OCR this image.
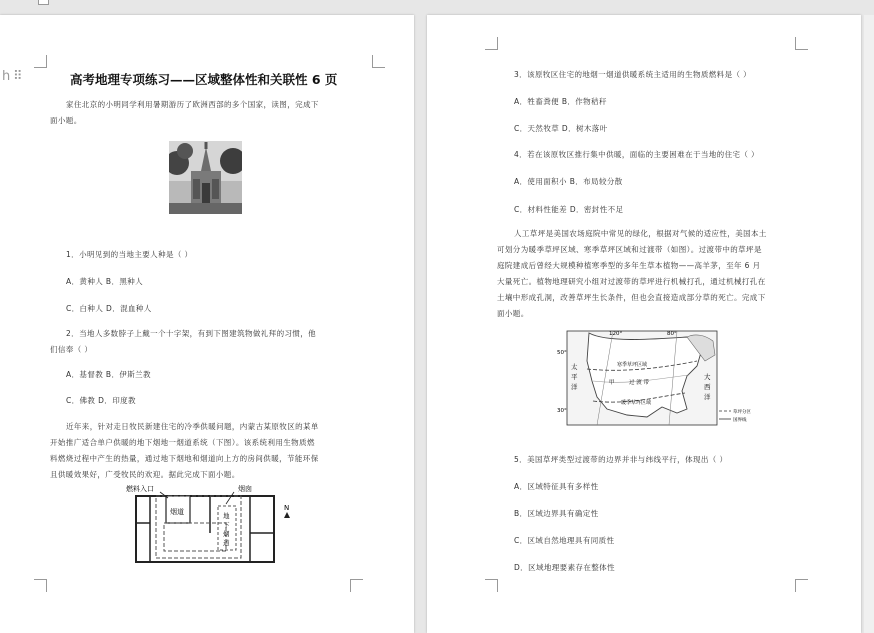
h ⠿	高考地理专项练习——区域整体性和关联性 6 页
家住北京的小明同学利用暑期游历了欧洲西部的多个国家，读图，完成下
面小题。
1．小明见到的当地主要人种是（ ）
A．黄种人 B．黑种人
C．白种人 D．混血种人
2．当地人多数脖子上戴一个十字架，有到下图建筑物做礼拜的习惯，他
们信奉（ ）
A．基督教 B．伊斯兰教
C．佛教 D．印度教
近年来，针对走日牧民新建住宅的冷季供暖问题，内蒙古某原牧区的某单
开始推广适合单户供暖的地下烟地一烟道系统（下图）。该系统利用生物质燃
料燃烧过程中产生的热量，通过地下烟地和烟道向上方的房间供暖，节能环保
且供暖效果好，广受牧民的欢迎。据此完成下面小题。
燃料入口	烟囱
烟道	地
下
烟
道
N
3．该原牧区住宅的地烟一烟道供暖系统主适用的生物质燃料是（ ）
A．牲畜粪便 B．作物秸秆
C．天然牧草 D．树木落叶
4．若在该原牧区推行集中供暖，面临的主要困难在于当地的住宅（ ）
A．使用面积小 B．布局较分散
C．材料性能差 D．密封性不足
人工草坪是美国农场庭院中常见的绿化，根据对气候的适应性，美国本土
可划分为暖季草坪区域、寒季草坪区域和过渡带（如图）。过渡带中的草坪是
庭院建成后曾经大规模种植寒季型的多年生草本植物——高羊茅，至年 6 月
大量死亡。植物地理研究小组对过渡带的草坪进行机械打孔，通过机械打孔在
土壤中形成孔洞，改善草坪生长条件，但也会直接造成部分草的死亡。完成下
面小题。
120°	80°
50°
30°
太
平
洋
大
西
洋
寒季草坪区域
甲	过 渡 带
暖季草坪区域
草坪分区
国界线
5．美国草坪类型过渡带的边界并非与纬线平行，体现出（ ）
A．区域特征具有多样性
B．区域边界具有确定性
C．区域自然地理具有同质性
D．区域地理要素存在整体性
